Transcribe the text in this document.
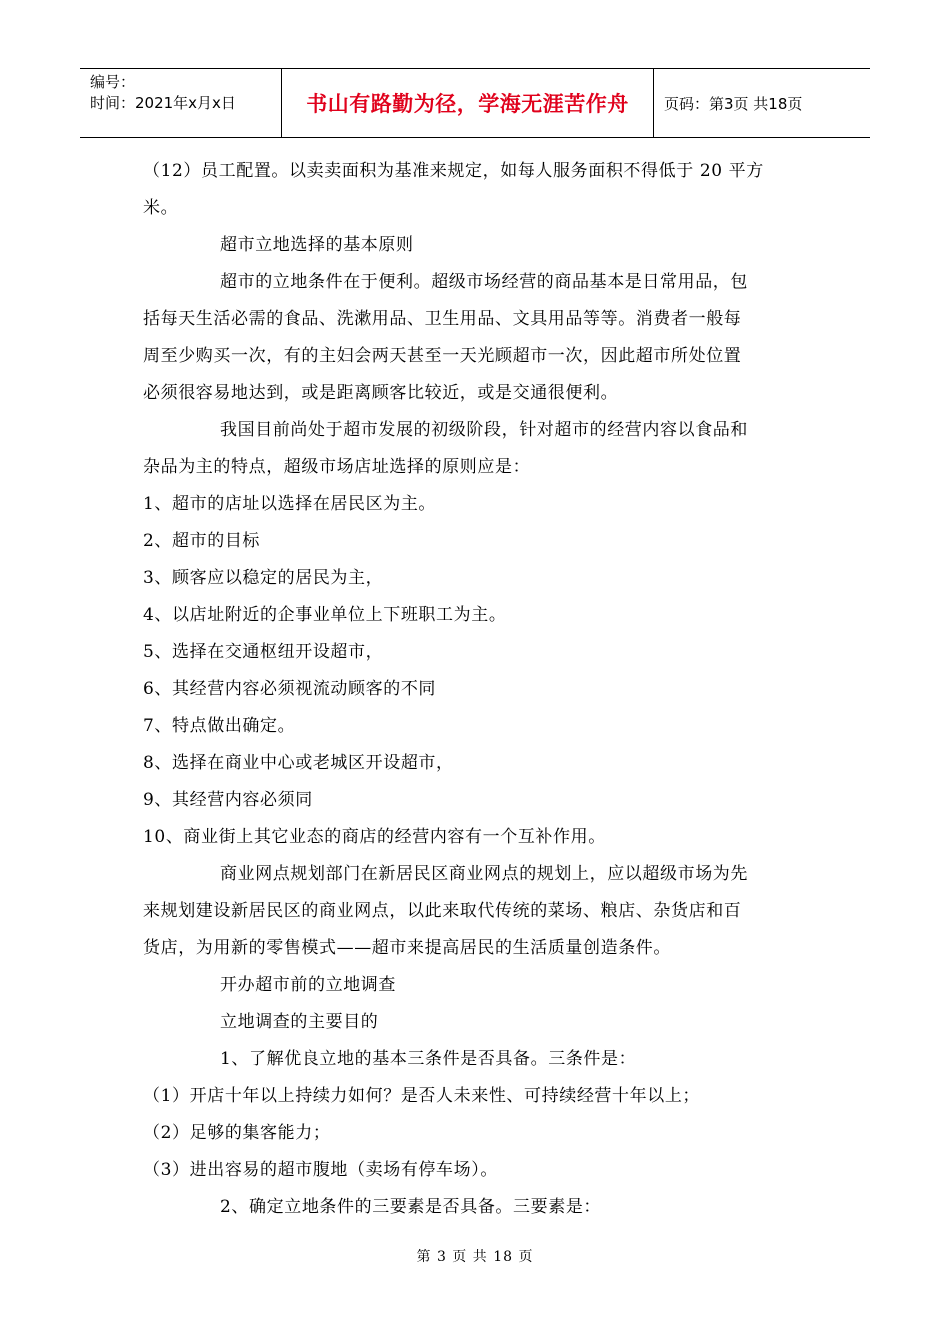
编号：
时间：2021年x月x日	书山有路勤为径，学海无涯苦作舟 页码：第3页 共18页
（12）员工配置。以卖卖面积为基准来规定，如每人服务面积不得低于 20 平方
米。
超市立地选择的基本原则
超市的立地条件在于便利。超级市场经营的商品基本是日常用品，包
括每天生活必需的食品、洗漱用品、卫生用品、文具用品等等。消费者一般每
周至少购买一次，有的主妇会两天甚至一天光顾超市一次，因此超市所处位置
必须很容易地达到，或是距离顾客比较近，或是交通很便利。
我国目前尚处于超市发展的初级阶段，针对超市的经营内容以食品和
杂品为主的特点，超级市场店址选择的原则应是：
1、超市的店址以选择在居民区为主。
2、超市的目标
3、顾客应以稳定的居民为主，
4、以店址附近的企事业单位上下班职工为主。
5、选择在交通枢纽开设超市，
6、其经营内容必须视流动顾客的不同
7、特点做出确定。
8、选择在商业中心或老城区开设超市，
9、其经营内容必须同
10、商业街上其它业态的商店的经营内容有一个互补作用。
商业网点规划部门在新居民区商业网点的规划上，应以超级市场为先
来规划建设新居民区的商业网点，以此来取代传统的菜场、粮店、杂货店和百
货店，为用新的零售模式——超市来提高居民的生活质量创造条件。
开办超市前的立地调查
立地调查的主要目的
1、了解优良立地的基本三条件是否具备。三条件是：
（1）开店十年以上持续力如何？是否人未来性、可持续经营十年以上；
（2）足够的集客能力；
（3）进出容易的超市腹地（卖场有停车场）。
2、确定立地条件的三要素是否具备。三要素是：
第 3 页 共 18 页
